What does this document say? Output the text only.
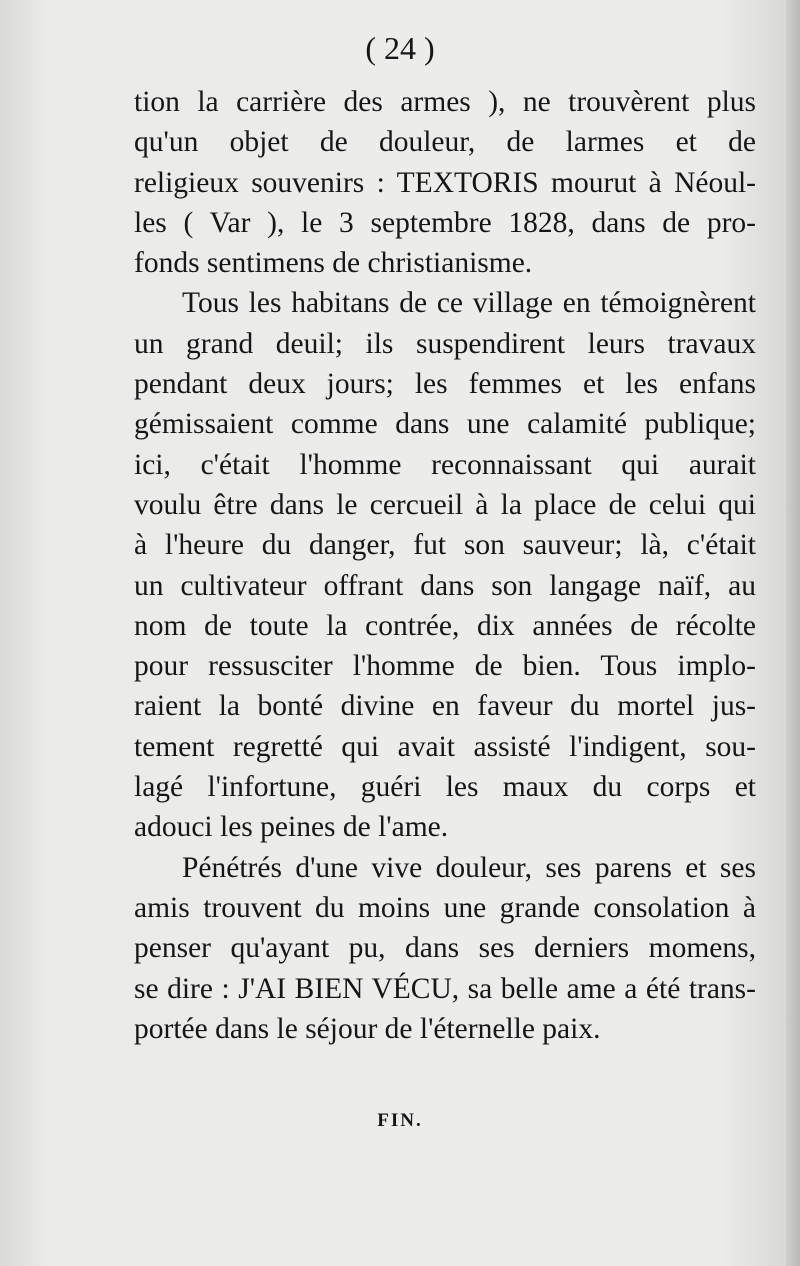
( 24 )
tion la carrière des armes ), ne trouvèrent plus
qu'un objet de douleur, de larmes et de
religieux souvenirs : TEXTORIS mourut à Néoul-
les ( Var ), le 3 septembre 1828, dans de pro-
fonds sentimens de christianisme.
Tous les habitans de ce village en témoignèrent
un grand deuil; ils suspendirent leurs travaux
pendant deux jours; les femmes et les enfans
gémissaient comme dans une calamité publique;
ici, c'était l'homme reconnaissant qui aurait
voulu être dans le cercueil à la place de celui qui
à l'heure du danger, fut son sauveur; là, c'était
un cultivateur offrant dans son langage naïf, au
nom de toute la contrée, dix années de récolte
pour ressusciter l'homme de bien. Tous implo-
raient la bonté divine en faveur du mortel jus-
tement regretté qui avait assisté l'indigent, sou-
lagé l'infortune, guéri les maux du corps et
adouci les peines de l'ame.
Pénétrés d'une vive douleur, ses parens et ses
amis trouvent du moins une grande consolation à
penser qu'ayant pu, dans ses derniers momens,
se dire : J'AI BIEN VÉCU, sa belle ame a été trans-
portée dans le séjour de l'éternelle paix.
FIN.
